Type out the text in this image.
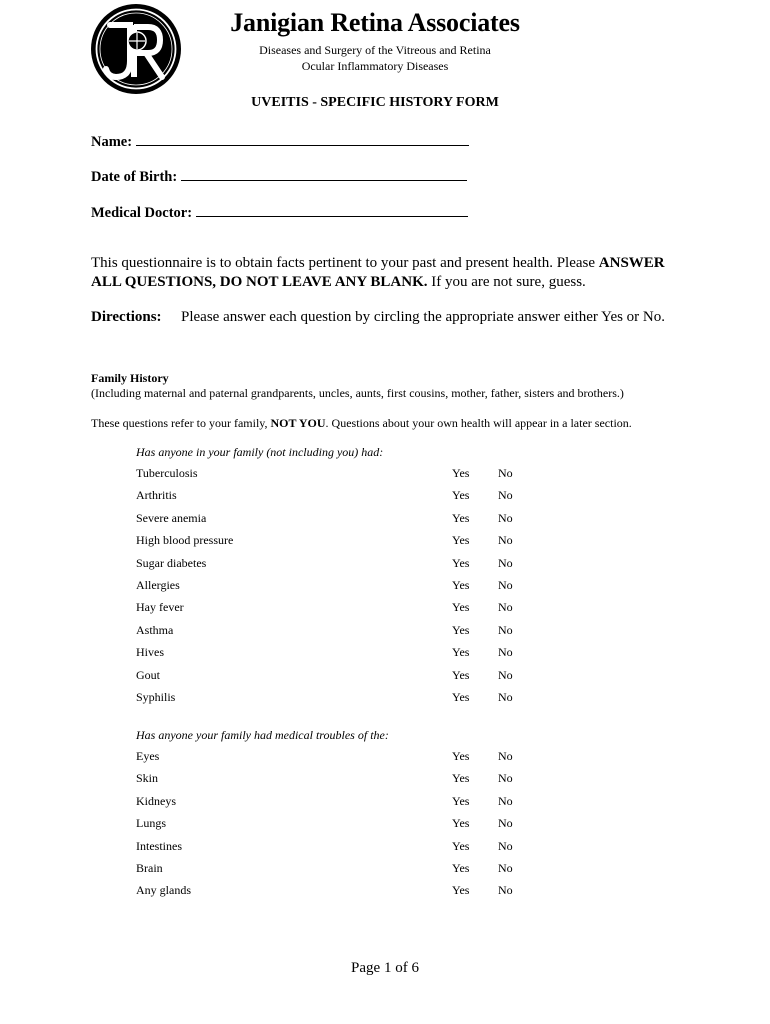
Janigian Retina Associates
Diseases and Surgery of the Vitreous and Retina
Ocular Inflammatory Diseases
UVEITIS - SPECIFIC HISTORY FORM
Name:
Date of Birth:
Medical Doctor:
This questionnaire is to obtain facts pertinent to your past and present health. Please ANSWER ALL QUESTIONS, DO NOT LEAVE ANY BLANK. If you are not sure, guess.
Directions: Please answer each question by circling the appropriate answer either Yes or No.
Family History
(Including maternal and paternal grandparents, uncles, aunts, first cousins, mother, father, sisters and brothers.)
These questions refer to your family, NOT YOU. Questions about your own health will appear in a later section.
Has anyone in your family (not including you) had:
Tuberculosis	Yes No
Arthritis	Yes No
Severe anemia	Yes No
High blood pressure	Yes No
Sugar diabetes	Yes No
Allergies	Yes No
Hay fever	Yes No
Asthma	Yes No
Hives	Yes No
Gout	Yes No
Syphilis	Yes No
Has anyone your family had medical troubles of the:
Eyes	Yes No
Skin	Yes No
Kidneys	Yes No
Lungs	Yes No
Intestines	Yes No
Brain	Yes No
Any glands	Yes No
Page 1 of 6
